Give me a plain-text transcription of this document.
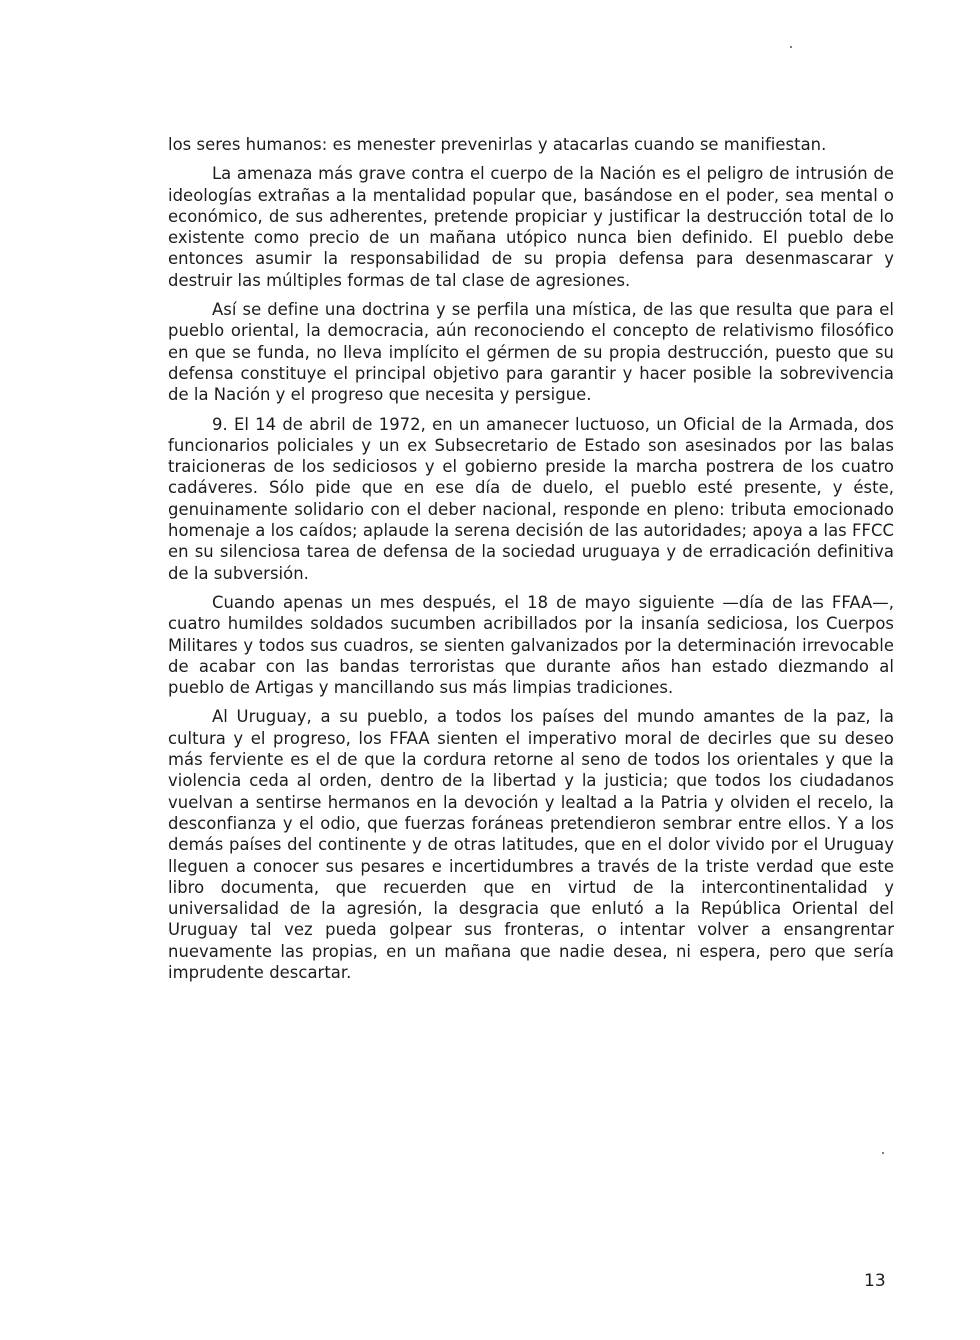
los seres humanos: es menester prevenirlas y atacarlas cuando se manifiestan.

La amenaza más grave contra el cuerpo de la Nación es el peligro de intrusión de ideologías extrañas a la mentalidad popular que, basándose en el poder, sea mental o económico, de sus adherentes, pretende propiciar y justificar la destrucción total de lo existente como precio de un mañana utópico nunca bien definido. El pueblo debe entonces asumir la responsabilidad de su propia defensa para desenmascarar y destruir las múltiples formas de tal clase de agresiones.

Así se define una doctrina y se perfila una mística, de las que resulta que para el pueblo oriental, la democracia, aún reconociendo el concepto de relativismo filosófico en que se funda, no lleva implícito el gérmen de su propia destrucción, puesto que su defensa constituye el principal objetivo para garantir y hacer posible la sobrevivencia de la Nación y el progreso que necesita y persigue.

9. El 14 de abril de 1972, en un amanecer luctuoso, un Oficial de la Armada, dos funcionarios policiales y un ex Subsecretario de Estado son asesinados por las balas traicioneras de los sediciosos y el gobierno preside la marcha postrera de los cuatro cadáveres. Sólo pide que en ese día de duelo, el pueblo esté presente, y éste, genuinamente solidario con el deber nacional, responde en pleno: tributa emocionado homenaje a los caídos; aplaude la serena decisión de las autoridades; apoya a las FFCC en su silenciosa tarea de defensa de la sociedad uruguaya y de erradicación definitiva de la subversión.

Cuando apenas un mes después, el 18 de mayo siguiente —día de las FFAA—, cuatro humildes soldados sucumben acribillados por la insanía sediciosa, los Cuerpos Militares y todos sus cuadros, se sienten galvanizados por la determinación irrevocable de acabar con las bandas terroristas que durante años han estado diezmando al pueblo de Artigas y mancillando sus más limpias tradiciones.

Al Uruguay, a su pueblo, a todos los países del mundo amantes de la paz, la cultura y el progreso, los FFAA sienten el imperativo moral de decirles que su deseo más ferviente es el de que la cordura retorne al seno de todos los orientales y que la violencia ceda al orden, dentro de la libertad y la justicia; que todos los ciudadanos vuelvan a sentirse hermanos en la devoción y lealtad a la Patria y olviden el recelo, la desconfianza y el odio, que fuerzas foráneas pretendieron sembrar entre ellos. Y a los demás países del continente y de otras latitudes, que en el dolor vivido por el Uruguay lleguen a conocer sus pesares e incertidumbres a través de la triste verdad que este libro documenta, que recuerden que en virtud de la intercontinentalidad y universalidad de la agresión, la desgracia que enlutó a la República Oriental del Uruguay tal vez pueda golpear sus fronteras, o intentar volver a ensangrentar nuevamente las propias, en un mañana que nadie desea, ni espera, pero que sería imprudente descartar.

13
